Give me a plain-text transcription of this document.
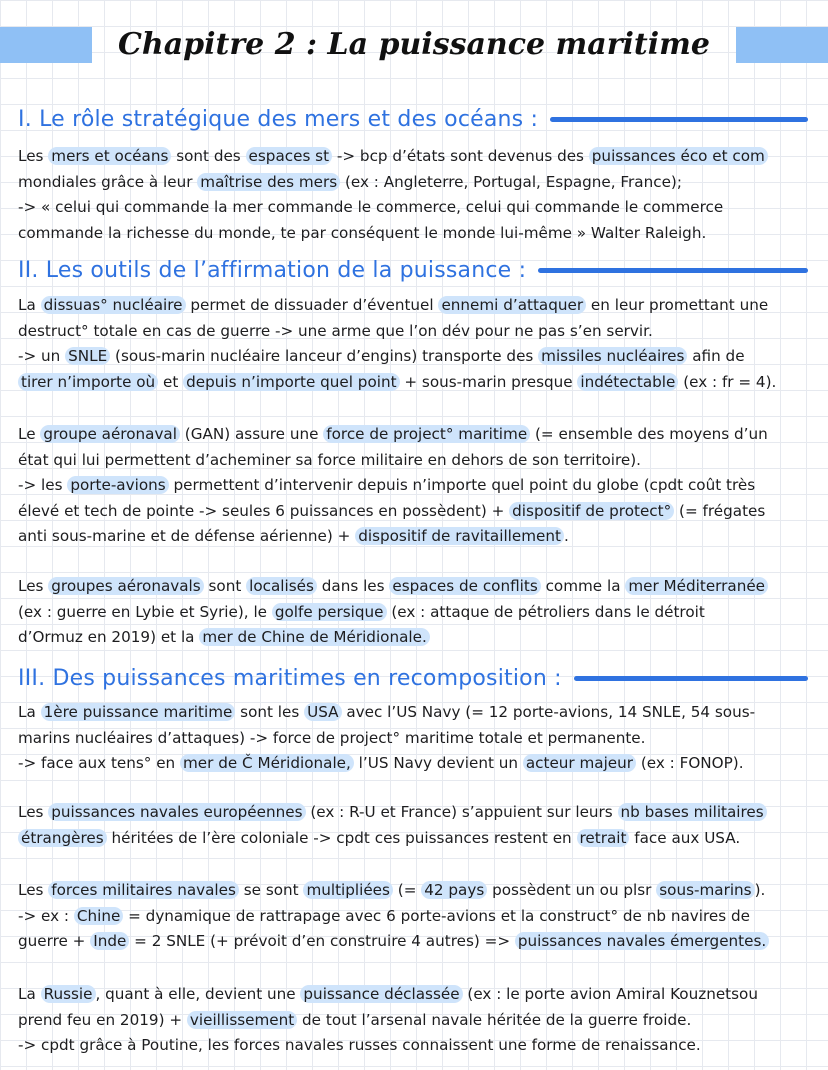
Chapitre 2 : La puissance maritime
I. Le rôle stratégique des mers et des océans :
Les mers et océans sont des espaces st -> bcp d’états sont devenus des puissances éco et com
mondiales grâce à leur maîtrise des mers (ex : Angleterre, Portugal, Espagne, France);
-> « celui qui commande la mer commande le commerce, celui qui commande le commerce
commande la richesse du monde, te par conséquent le monde lui-même » Walter Raleigh.
II. Les outils de l’affirmation de la puissance :
La dissuas° nucléaire permet de dissuader d’éventuel ennemi d’attaquer en leur promettant une
destruct° totale en cas de guerre -> une arme que l’on dév pour ne pas s’en servir.
-> un SNLE (sous-marin nucléaire lanceur d’engins) transporte des missiles nucléaires afin de
tirer n’importe où et depuis n’importe quel point + sous-marin presque indétectable (ex : fr = 4).
Le groupe aéronaval (GAN) assure une force de project° maritime (= ensemble des moyens d’un
état qui lui permettent d’acheminer sa force militaire en dehors de son territoire).
-> les porte-avions permettent d’intervenir depuis n’importe quel point du globe (cpdt coût très
élevé et tech de pointe -> seules 6 puissances en possèdent) + dispositif de protect° (= frégates
anti sous-marine et de défense aérienne) + dispositif de ravitaillement .
Les groupes aéronavals sont localisés dans les espaces de conflits comme la mer Méditerranée
(ex : guerre en Lybie et Syrie), le golfe persique (ex : attaque de pétroliers dans le détroit
d’Ormuz en 2019) et la mer de Chine de Méridionale.
III. Des puissances maritimes en recomposition :
La 1ère puissance maritime sont les USA avec l’US Navy (= 12 porte-avions, 14 SNLE, 54 sous-
marins nucléaires d’attaques) -> force de project° maritime totale et permanente.
-> face aux tens° en mer de Č Méridionale, l’US Navy devient un acteur majeur (ex : FONOP).
Les puissances navales européennes (ex : R-U et France) s’appuient sur leurs nb bases militaires
étrangères héritées de l’ère coloniale -> cpdt ces puissances restent en retrait face aux USA.
Les forces militaires navales se sont multipliées (= 42 pays possèdent un ou plsr sous-marins ).
-> ex : Chine = dynamique de rattrapage avec 6 porte-avions et la construct° de nb navires de
guerre + Inde = 2 SNLE (+ prévoit d’en construire 4 autres) => puissances navales émergentes.
La Russie , quant à elle, devient une puissance déclassée (ex : le porte avion Amiral Kouznetsou
prend feu en 2019) + vieillissement de tout l’arsenal navale héritée de la guerre froide.
-> cpdt grâce à Poutine, les forces navales russes connaissent une forme de renaissance.
